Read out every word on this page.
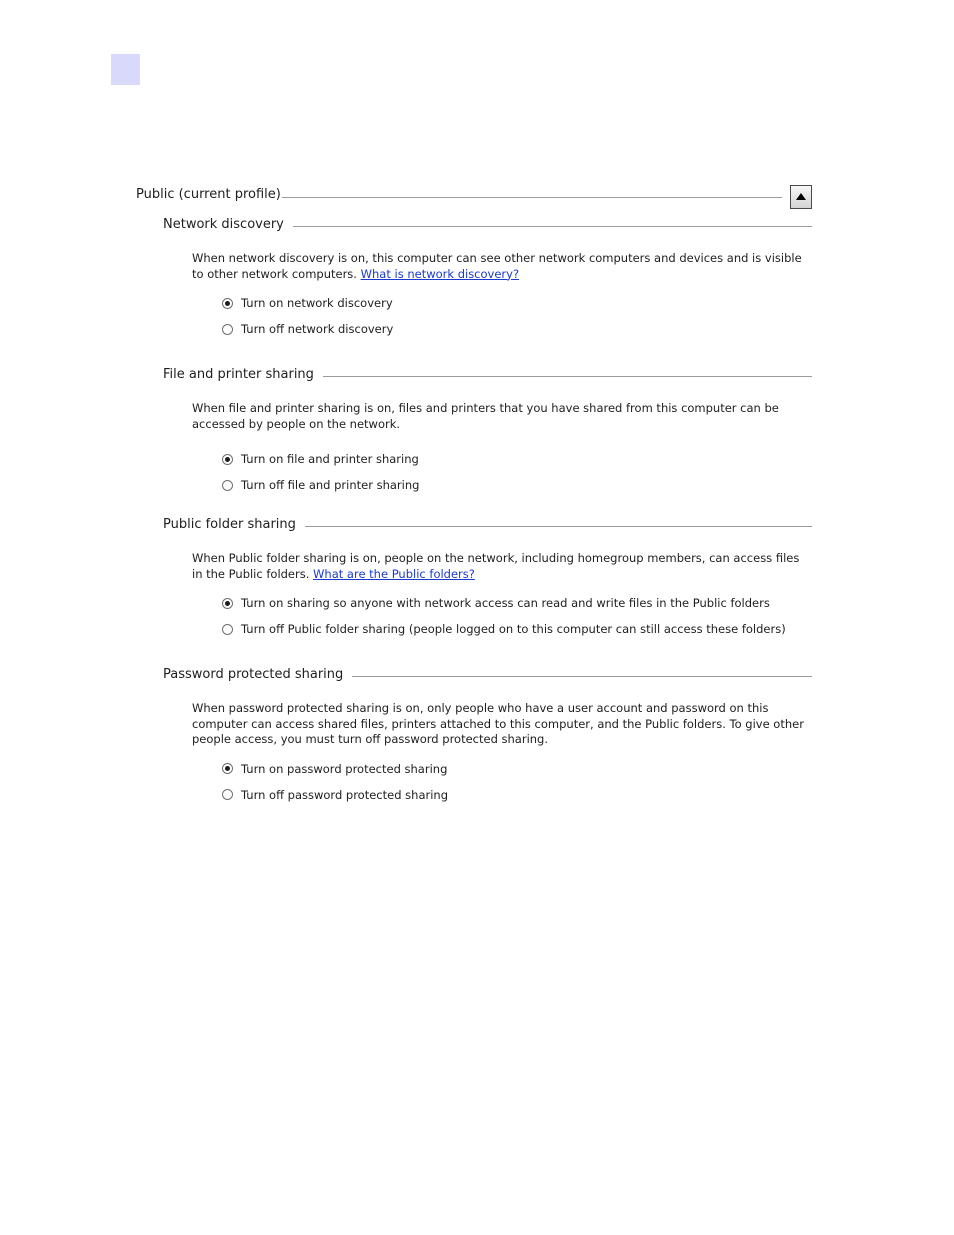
Public (current profile)
Network discovery
When network discovery is on, this computer can see other network computers and devices and is visible to other network computers. What is network discovery?
Turn on network discovery
Turn off network discovery
File and printer sharing
When file and printer sharing is on, files and printers that you have shared from this computer can be accessed by people on the network.
Turn on file and printer sharing
Turn off file and printer sharing
Public folder sharing
When Public folder sharing is on, people on the network, including homegroup members, can access files in the Public folders. What are the Public folders?
Turn on sharing so anyone with network access can read and write files in the Public folders
Turn off Public folder sharing (people logged on to this computer can still access these folders)
Password protected sharing
When password protected sharing is on, only people who have a user account and password on this computer can access shared files, printers attached to this computer, and the Public folders. To give other people access, you must turn off password protected sharing.
Turn on password protected sharing
Turn off password protected sharing
